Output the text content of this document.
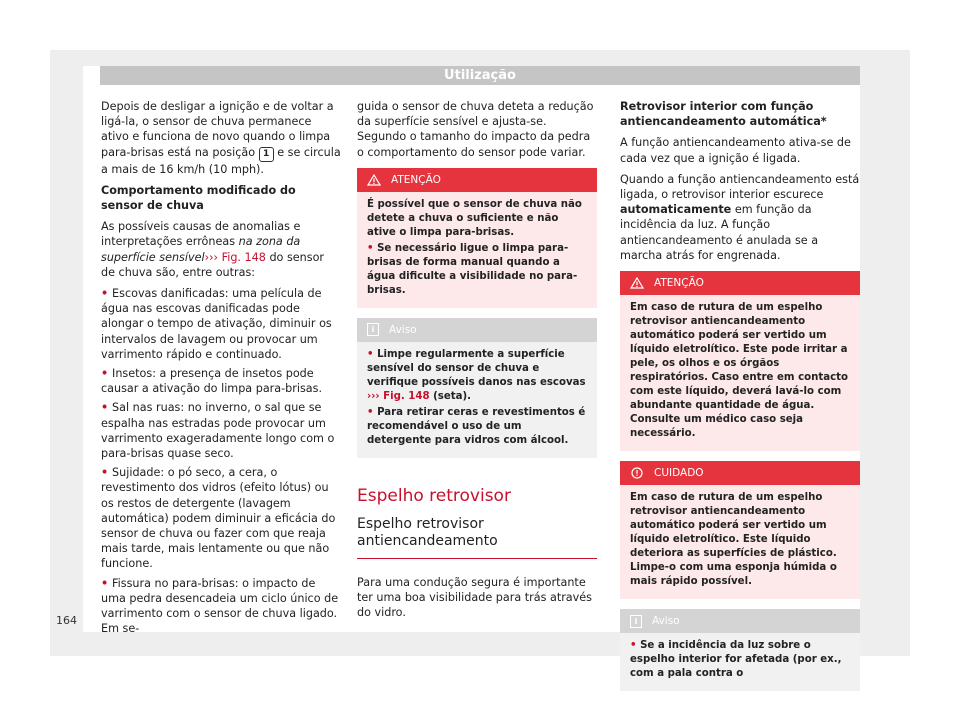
Utilização

Depois de desligar a ignição e de voltar a ligá-la, o sensor de chuva permanece ativo e funciona de novo quando o limpa para-brisas está na posição 1 e se circula a mais de 16 km/h (10 mph).

Comportamento modificado do sensor de chuva

As possíveis causas de anomalias e interpretações errôneas na zona da superfície sensível››› Fig. 148 do sensor de chuva são, entre outras:

• Escovas danificadas: uma película de água nas escovas danificadas pode alongar o tempo de ativação, diminuir os intervalos de lavagem ou provocar um varrimento rápido e continuado.

• Insetos: a presença de insetos pode causar a ativação do limpa para-brisas.

• Sal nas ruas: no inverno, o sal que se espalha nas estradas pode provocar um varrimento exageradamente longo com o para-brisas quase seco.

• Sujidade: o pó seco, a cera, o revestimento dos vidros (efeito lótus) ou os restos de detergente (lavagem automática) podem diminuir a eficácia do sensor de chuva ou fazer com que reaja mais tarde, mais lentamente ou que não funcione.

• Fissura no para-brisas: o impacto de uma pedra desencadeia um ciclo único de varrimento com o sensor de chuva ligado. Em se-

guida o sensor de chuva deteta a redução da superfície sensível e ajusta-se. Segundo o tamanho do impacto da pedra o comportamento do sensor pode variar.

ATENÇÃO

É possível que o sensor de chuva não detete a chuva o suficiente e não ative o limpa para-brisas.

• Se necessário ligue o limpa para-brisas de forma manual quando a água dificulte a visibilidade no para-brisas.

i	Aviso

• Limpe regularmente a superfície sensível do sensor de chuva e verifique possíveis danos nas escovas ››› Fig. 148 (seta).

• Para retirar ceras e revestimentos é recomendável o uso de um detergente para vidros com álcool.

Espelho retrovisor
Espelho retrovisor antiencandeamento

Para uma condução segura é importante ter uma boa visibilidade para trás através do vidro.

Retrovisor interior com função antiencandeamento automática*

A função antiencandeamento ativa-se de cada vez que a ignição é ligada.

Quando a função antiencandeamento está ligada, o retrovisor interior escurece automaticamente em função da incidência da luz. A função antiencandeamento é anulada se a marcha atrás for engrenada.

ATENÇÃO

Em caso de rutura de um espelho retrovisor antiencandeamento automático poderá ser vertido um líquido eletrolítico. Este pode irritar a pele, os olhos e os órgãos respiratórios. Caso entre em contacto com este líquido, deverá lavá-lo com abundante quantidade de água. Consulte um médico caso seja necessário.

CUIDADO

Em caso de rutura de um espelho retrovisor antiencandeamento automático poderá ser vertido um líquido eletrolítico. Este líquido deteriora as superfícies de plástico. Limpe-o com uma esponja húmida o mais rápido possível.

i	Aviso

• Se a incidência da luz sobre o espelho interior for afetada (por ex., com a pala contra o

164
